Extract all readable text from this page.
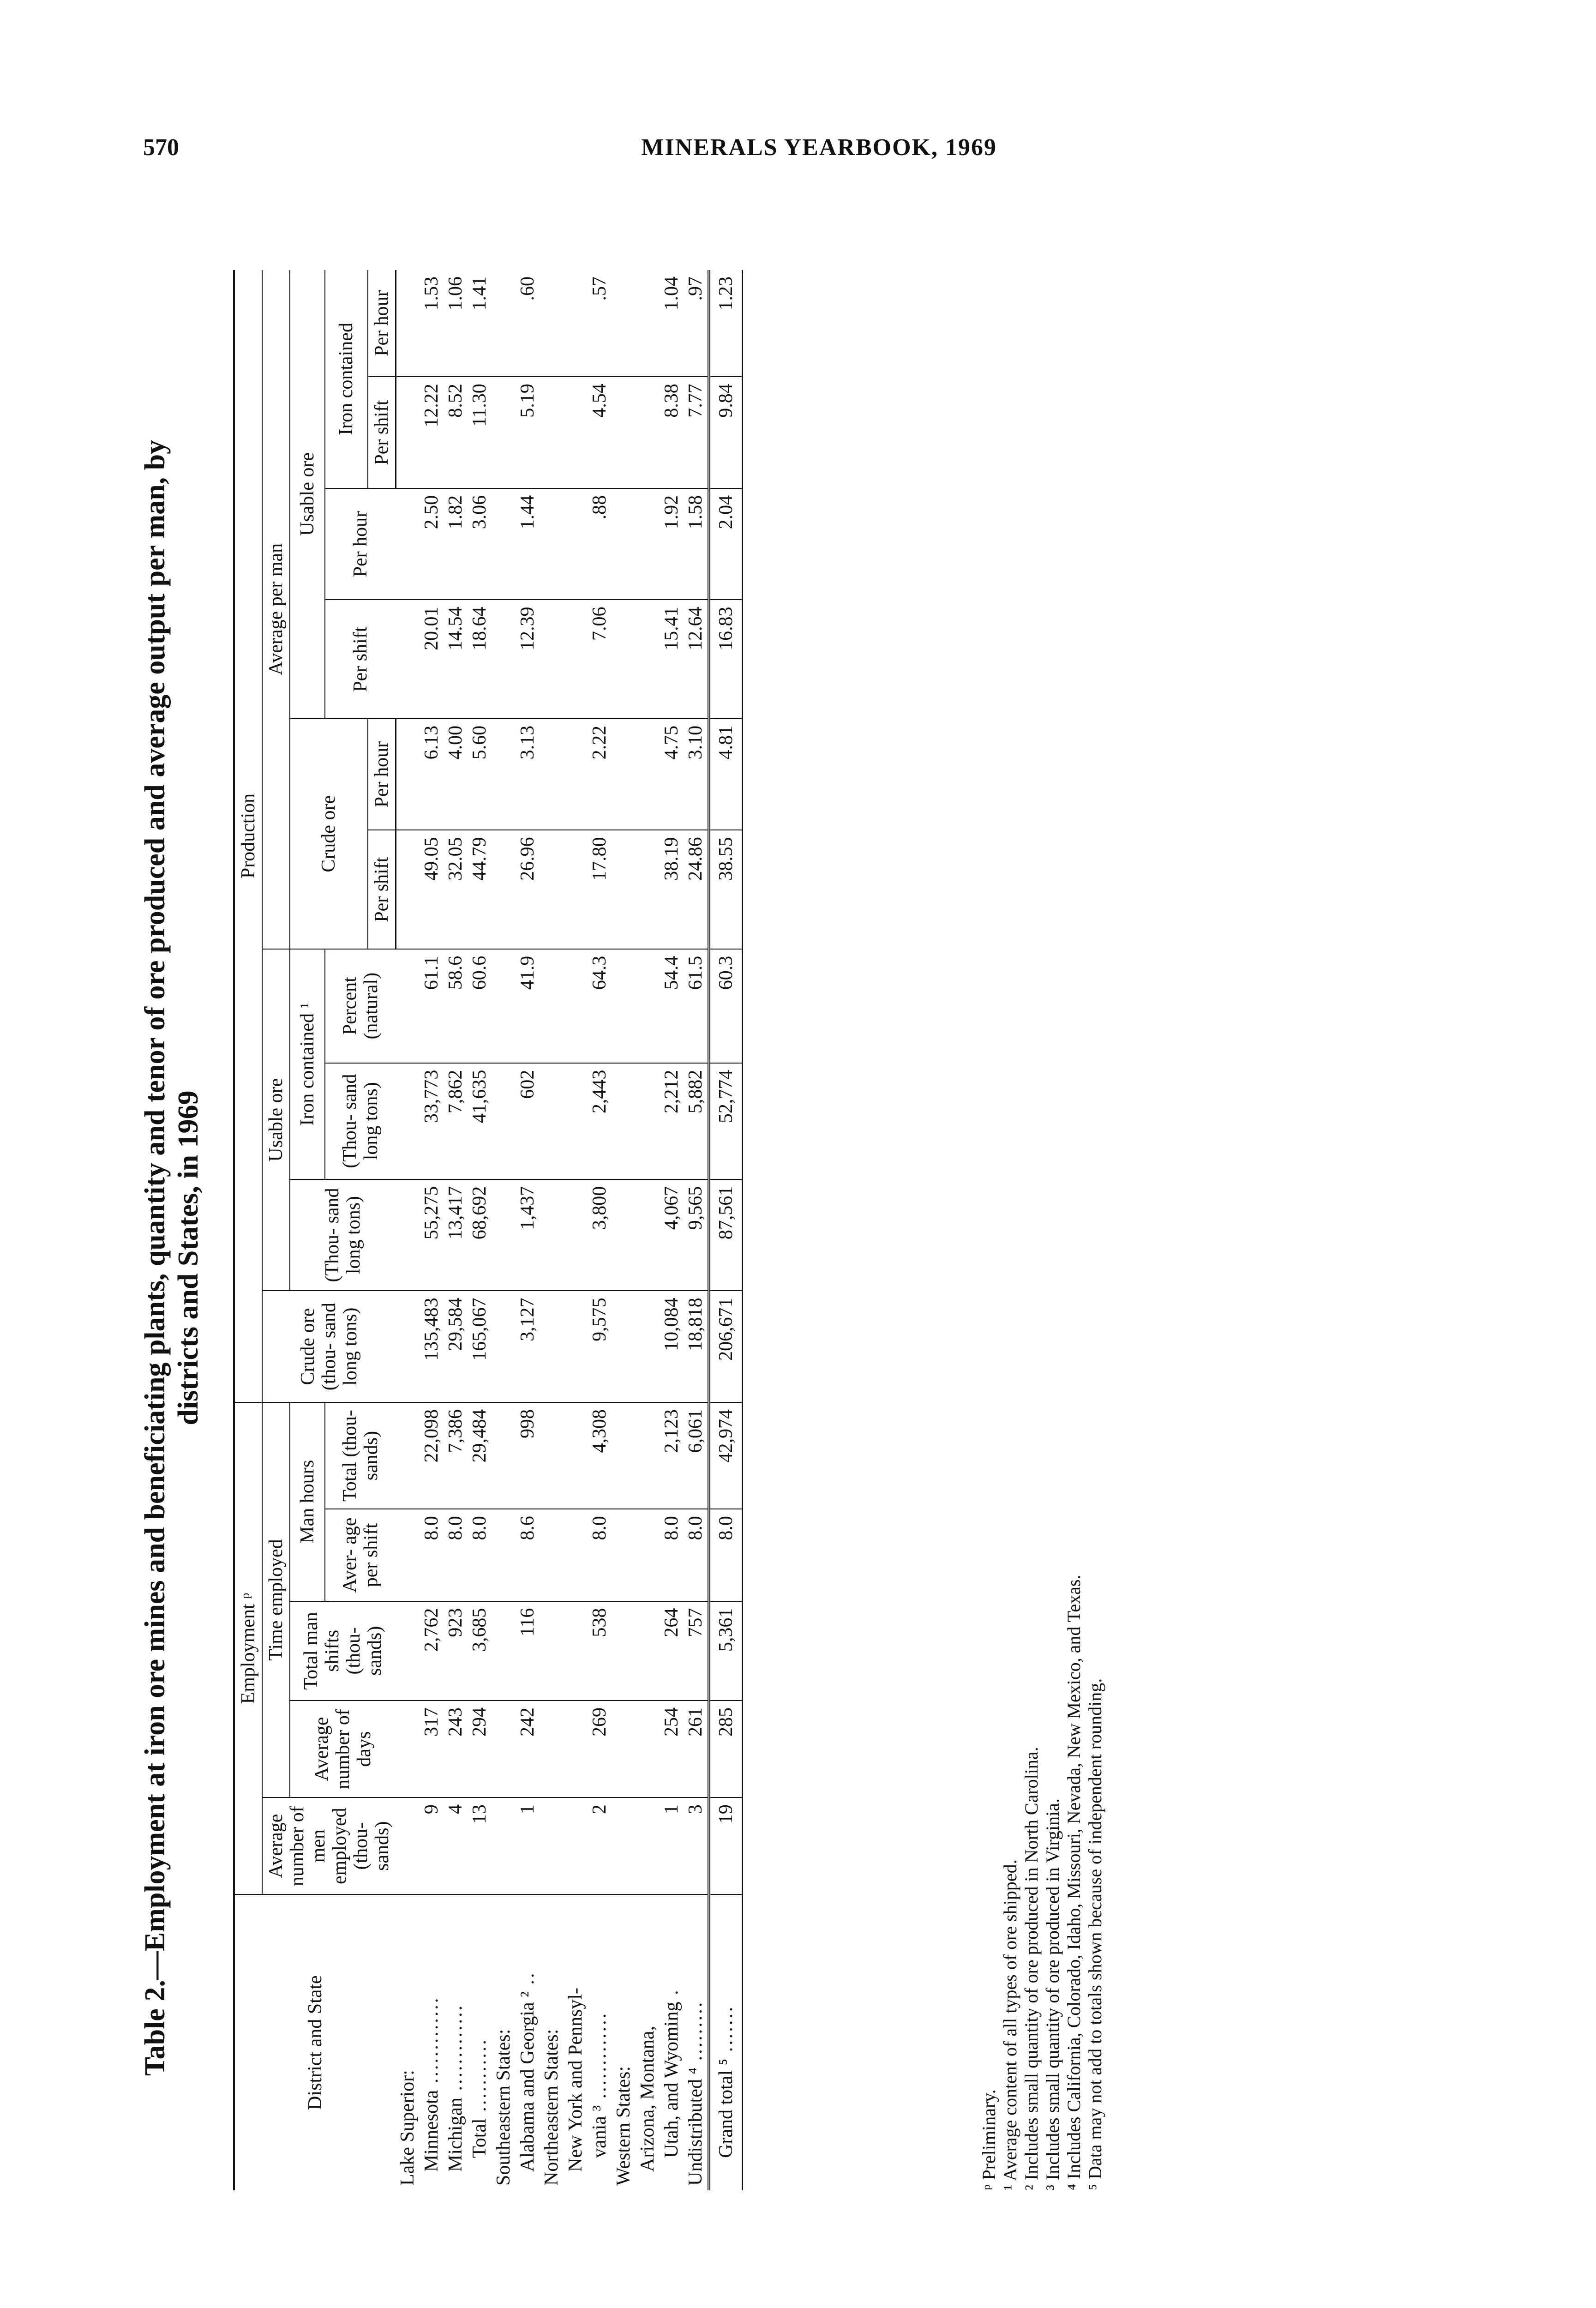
570	MINERALS YEARBOOK, 1969
Table 2.—Employment at iron ore mines and beneficiating plants, quantity and tenor of ore produced and average output per man, by districts and States, in 1969
District and State	Employment ᵖ					Production									
	Average number of men employed (thou- sands)	Time employed				Crude ore (thou- sand long tons)	Usable ore			Average per man					
		Average number of days	Total man shifts (thou- sands)	Man hours			(Thou- sand long tons)	Iron contained ¹		Crude ore		Usable ore			
				Aver- age per shift	Total (thou- sands)			(Thou- sand long tons)	Percent (natural)			Per shift	Per hour	Iron contained	
										Per shift	Per hour			Per shift	Per hour
Lake Superior:															
Minnesota .............	9	317	2,762	8.0	22,098	135,483	55,275	33,773	61.1	49.05	6.13	20.01	2.50	12.22	1.53
Michigan .............	4	243	923	8.0	7,386	29,584	13,417	7,862	58.6	32.05	4.00	14.54	1.82	8.52	1.06
Total ...........	13	294	3,685	8.0	29,484	165,067	68,692	41,635	60.6	44.79	5.60	18.64	3.06	11.30	1.41
Southeastern States:															
Alabama and Georgia ² ..	1	242	116	8.6	998	3,127	1,437	602	41.9	26.96	3.13	12.39	1.44	5.19	.60
Northeastern States:															
New York and Pennsyl-															
vania ³ .............	2	269	538	8.0	4,308	9,575	3,800	2,443	64.3	17.80	2.22	7.06	.88	4.54	.57
Western States:															
Arizona, Montana,															
Utah, and Wyoming .	1	254	264	8.0	2,123	10,084	4,067	2,212	54.4	38.19	4.75	15.41	1.92	8.38	1.04
Undistributed ⁴ .........	3	261	757	8.0	6,061	18,818	9,565	5,882	61.5	24.86	3.10	12.64	1.58	7.77	.97
Grand total ⁵ .......	19	285	5,361	8.0	42,974	206,671	87,561	52,774	60.3	38.55	4.81	16.83	2.04	9.84	1.23
ᵖ Preliminary. ¹ Average content of all types of ore shipped. ² Includes small quantity of ore produced in North Carolina. ³ Includes small quantity of ore produced in Virginia. ⁴ Includes California, Colorado, Idaho, Missouri, Nevada, New Mexico, and Texas. ⁵ Data may not add to totals shown because of independent rounding.
